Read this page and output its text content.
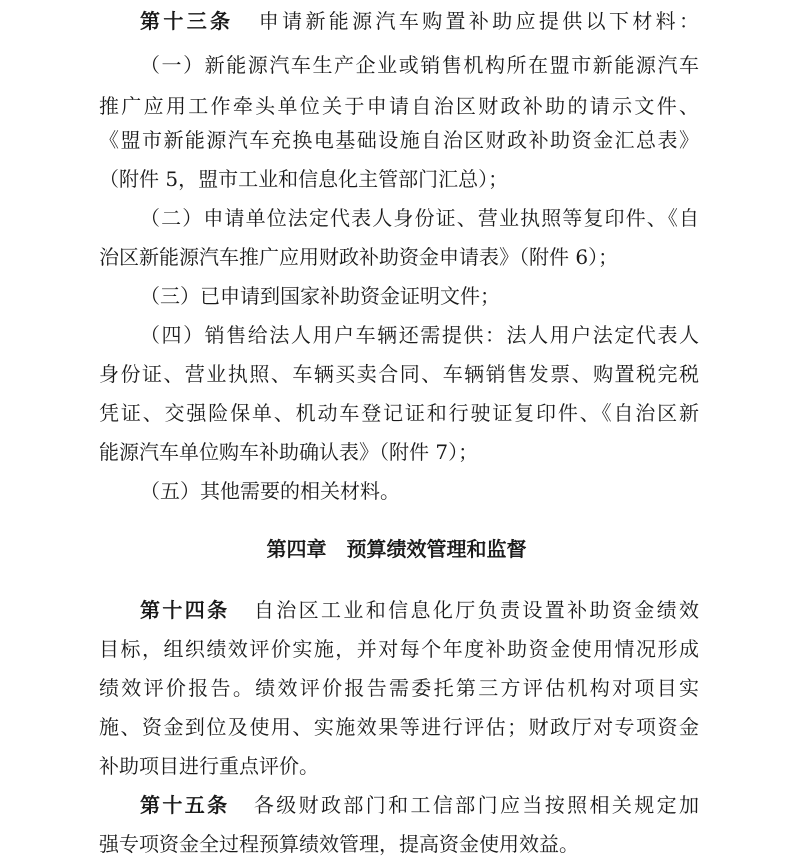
第十三条 申请新能源汽车购置补助应提供以下材料：
（一）新能源汽车生产企业或销售机构所在盟市新能源汽车
推广应用工作牵头单位关于申请自治区财政补助的请示文件、
《盟市新能源汽车充换电基础设施自治区财政补助资金汇总表》
（附件 5，盟市工业和信息化主管部门汇总）；
（二）申请单位法定代表人身份证、营业执照等复印件、《自
治区新能源汽车推广应用财政补助资金申请表》（附件 6）；
（三）已申请到国家补助资金证明文件；
（四）销售给法人用户车辆还需提供：法人用户法定代表人
身份证、营业执照、车辆买卖合同、车辆销售发票、购置税完税
凭证、交强险保单、机动车登记证和行驶证复印件、《自治区新
能源汽车单位购车补助确认表》（附件 7）；
（五）其他需要的相关材料。
第四章　预算绩效管理和监督
第十四条 自治区工业和信息化厅负责设置补助资金绩效
目标，组织绩效评价实施，并对每个年度补助资金使用情况形成
绩效评价报告。绩效评价报告需委托第三方评估机构对项目实
施、资金到位及使用、实施效果等进行评估；财政厅对专项资金
补助项目进行重点评价。
第十五条 各级财政部门和工信部门应当按照相关规定加
强专项资金全过程预算绩效管理，提高资金使用效益。
